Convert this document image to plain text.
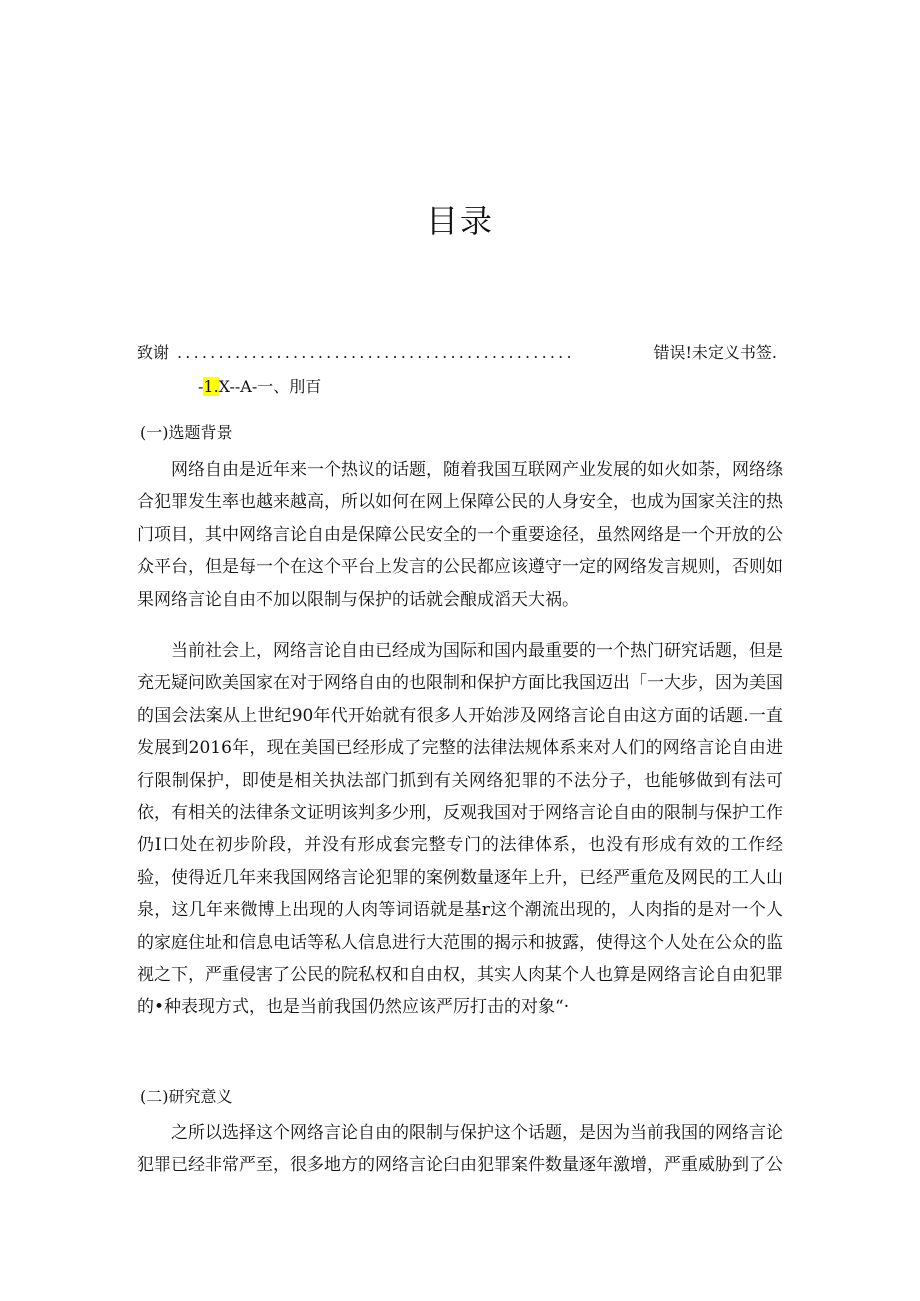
目录
致谢 ................................................	错误!未定义书签.
-1.X--A-一、刖百
(一)选题背景

网络自由是近年来一个热议的话题，随着我国互联网产业发展的如火如荼，网络绦合犯罪发生率也越来越高，所以如何在网上保障公民的人身安全，也成为国家关注的热门项目，其中网络言论自由是保障公民安全的一个重要途径，虽然网络是一个开放的公众平台，但是每一个在这个平台上发言的公民都应该遵守一定的网络发言规则，否则如果网络言论自由不加以限制与保护的话就会酿成滔天大祸。

当前社会上，网络言论自由已经成为国际和国内最重要的一个热门研究话题，但是充无疑问欧美国家在对于网络自由的也限制和保护方面比我国迈出「一大步，因为美国的国会法案从上世纪90年代开始就有很多人开始涉及网络言论自由这方面的话题.一直发展到2016年，现在美国已经形成了完整的法律法规体系来对人们的网络言论自由进行限制保护，即使是相关执法部门抓到有关网络犯罪的不法分子，也能够做到有法可依，有相关的法律条文证明该判多少刑，反观我国对于网络言论自由的限制与保护工作仍I口处在初步阶段，并没有形成套完整专门的法律体系，也没有形成有效的工作经验，使得近几年来我国网络言论犯罪的案例数量逐年上升，已经严重危及网民的工人山泉，这几年来微博上出现的人肉等词语就是基r这个潮流出现的，人肉指的是对一个人的家庭住址和信息电话等私人信息进行大范围的揭示和披露，使得这个人处在公众的监视之下，严重侵害了公民的院私权和自由权，其实人肉某个人也算是网络言论自由犯罪的•种表现方式，也是当前我国仍然应该严厉打击的对象“·

(二)研究意义

之所以选择这个网络言论自由的限制与保护这个话题，是因为当前我国的网络言论犯罪已经非常严至，很多地方的网络言论臼由犯罪案件数量逐年激增，严重威胁到了公
